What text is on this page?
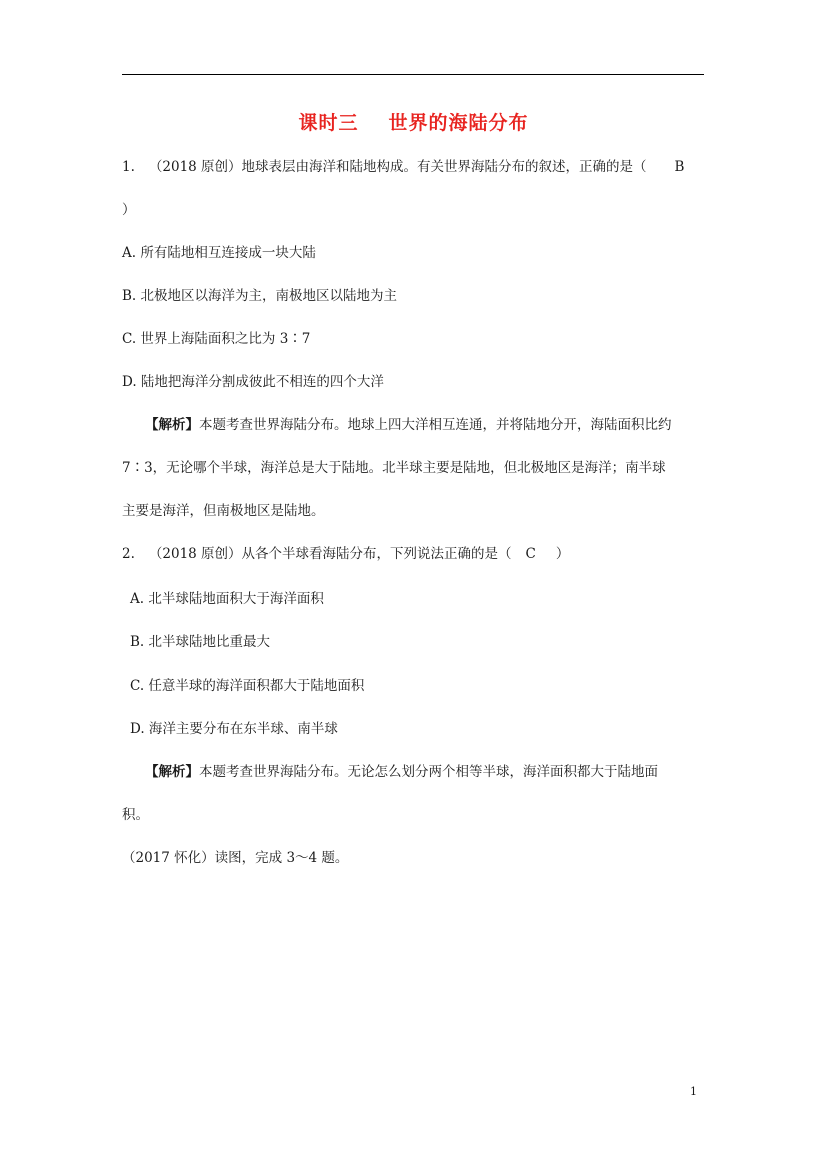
课时三 世界的海陆分布
1. （2018 原创）地球表层由海洋和陆地构成。有关世界海陆分布的叙述，正确的是（ B
）
A. 所有陆地相互连接成一块大陆
B. 北极地区以海洋为主，南极地区以陆地为主
C. 世界上海陆面积之比为 3∶7
D. 陆地把海洋分割成彼此不相连的四个大洋
【解析】本题考查世界海陆分布。地球上四大洋相互连通，并将陆地分开，海陆面积比约
7∶3，无论哪个半球，海洋总是大于陆地。北半球主要是陆地，但北极地区是海洋；南半球
主要是海洋，但南极地区是陆地。
2. （2018 原创）从各个半球看海陆分布，下列说法正确的是（ C ）
A. 北半球陆地面积大于海洋面积
B. 北半球陆地比重最大
C. 任意半球的海洋面积都大于陆地面积
D. 海洋主要分布在东半球、南半球
【解析】本题考查世界海陆分布。无论怎么划分两个相等半球，海洋面积都大于陆地面
积。
（2017 怀化）读图，完成 3～4 题。
1
